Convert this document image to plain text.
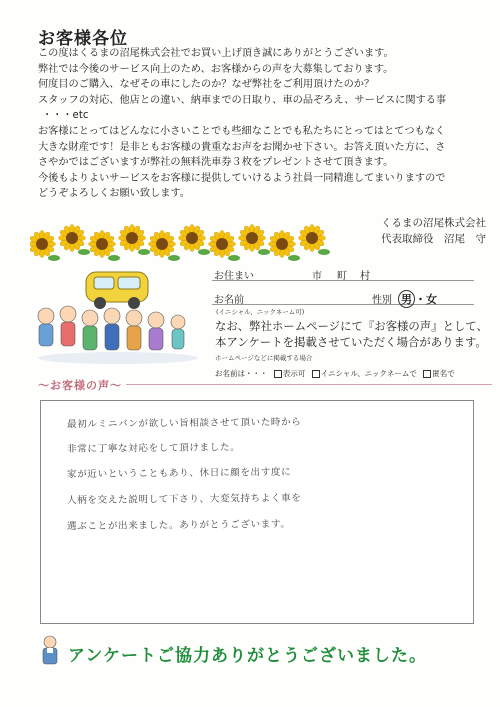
お客様各位

この度はくるまの沼尾株式会社でお買い上げ頂き誠にありがとうございます。

弊社では今後のサービス向上のため、お客様からの声を大募集しております。

何度目のご購入、なぜその車にしたのか？なぜ弊社をご利用頂けたのか？

スタッフの対応、他店との違い、納車までの日取り、車の品ぞろえ、サービスに関する事

・・・etc

お客様にとってはどんなに小さいことでも些細なことでも私たちにとってはとてつもなく

大きな財産です！是非ともお客様の貴重なお声をお聞かせ下さい。お答え頂いた方に、さ

さやかではございますが弊社の無料洗車券３枚をプレゼントさせて頂きます。

今後もよりよいサービスをお客様に提供していけるよう社員一同精進してまいりますので

どうぞよろしくお願い致します。

くるまの沼尾株式会社
代表取締役　沼尾　守
お住まい	市 町 村
お名前
(イニシャル、ニックネーム可)
性別 男 ・女
なお、弊社ホームページにて『お客様の声』として、
本アンケートを掲載させていただく場合があります。
ホームページなどに掲載する場合
お名前は・・・ 表示可 イニシャル、ニックネームで 匿名で
～お客様の声～
最初ルミニバンが欲しい旨相談させて頂いた時から
非常に丁寧な対応をして頂けました。
家が近いということもあり、休日に顔を出す度に
人柄を交えた説明して下さり、大変気持ちよく車を
選ぶことが出来ました。ありがとうございます。
アンケートご協力ありがとうございました。
